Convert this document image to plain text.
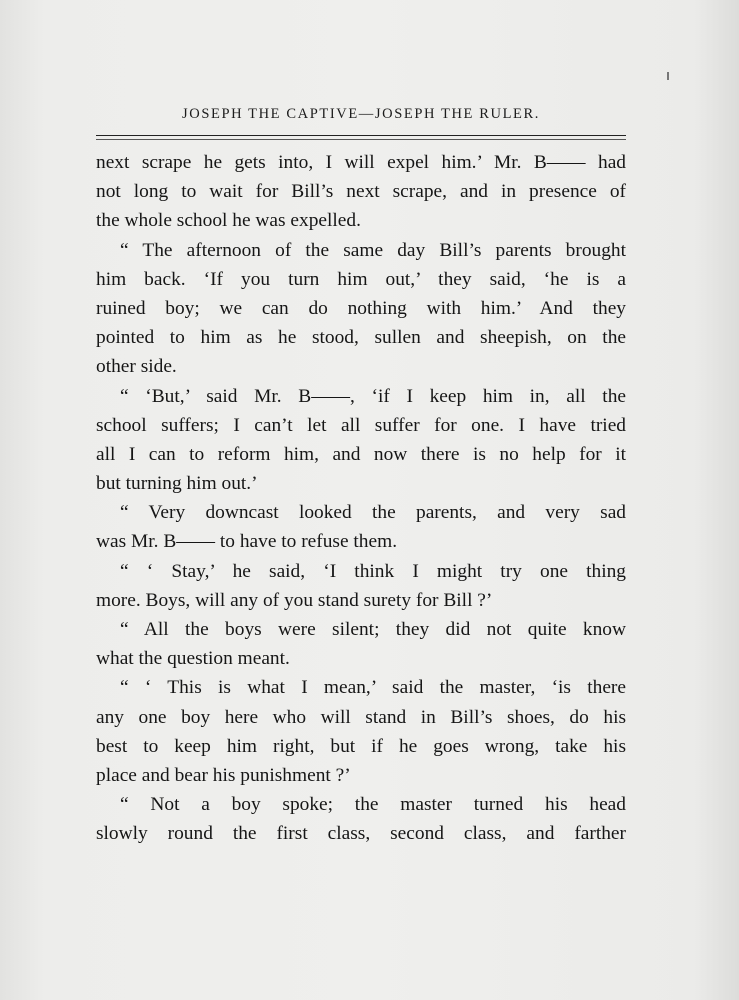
JOSEPH THE CAPTIVE—JOSEPH THE RULER.
next scrape he gets into, I will expel him.’ Mr. B—— had
not long to wait for Bill’s next scrape, and in presence of
the whole school he was expelled.
“ The afternoon of the same day Bill’s parents brought
him back. ‘If you turn him out,’ they said, ‘he is a
ruined boy; we can do nothing with him.’ And they
pointed to him as he stood, sullen and sheepish, on the
other side.
“ ‘But,’ said Mr. B——, ‘if I keep him in, all the
school suffers; I can’t let all suffer for one. I have tried
all I can to reform him, and now there is no help for it
but turning him out.’
“ Very downcast looked the parents, and very sad
was Mr. B—— to have to refuse them.
“ ‘ Stay,’ he said, ‘I think I might try one thing
more. Boys, will any of you stand surety for Bill ?’
“ All the boys were silent; they did not quite know
what the question meant.
“ ‘ This is what I mean,’ said the master, ‘is there
any one boy here who will stand in Bill’s shoes, do his
best to keep him right, but if he goes wrong, take his
place and bear his punishment ?’
“ Not a boy spoke; the master turned his head
slowly round the first class, second class, and farther
